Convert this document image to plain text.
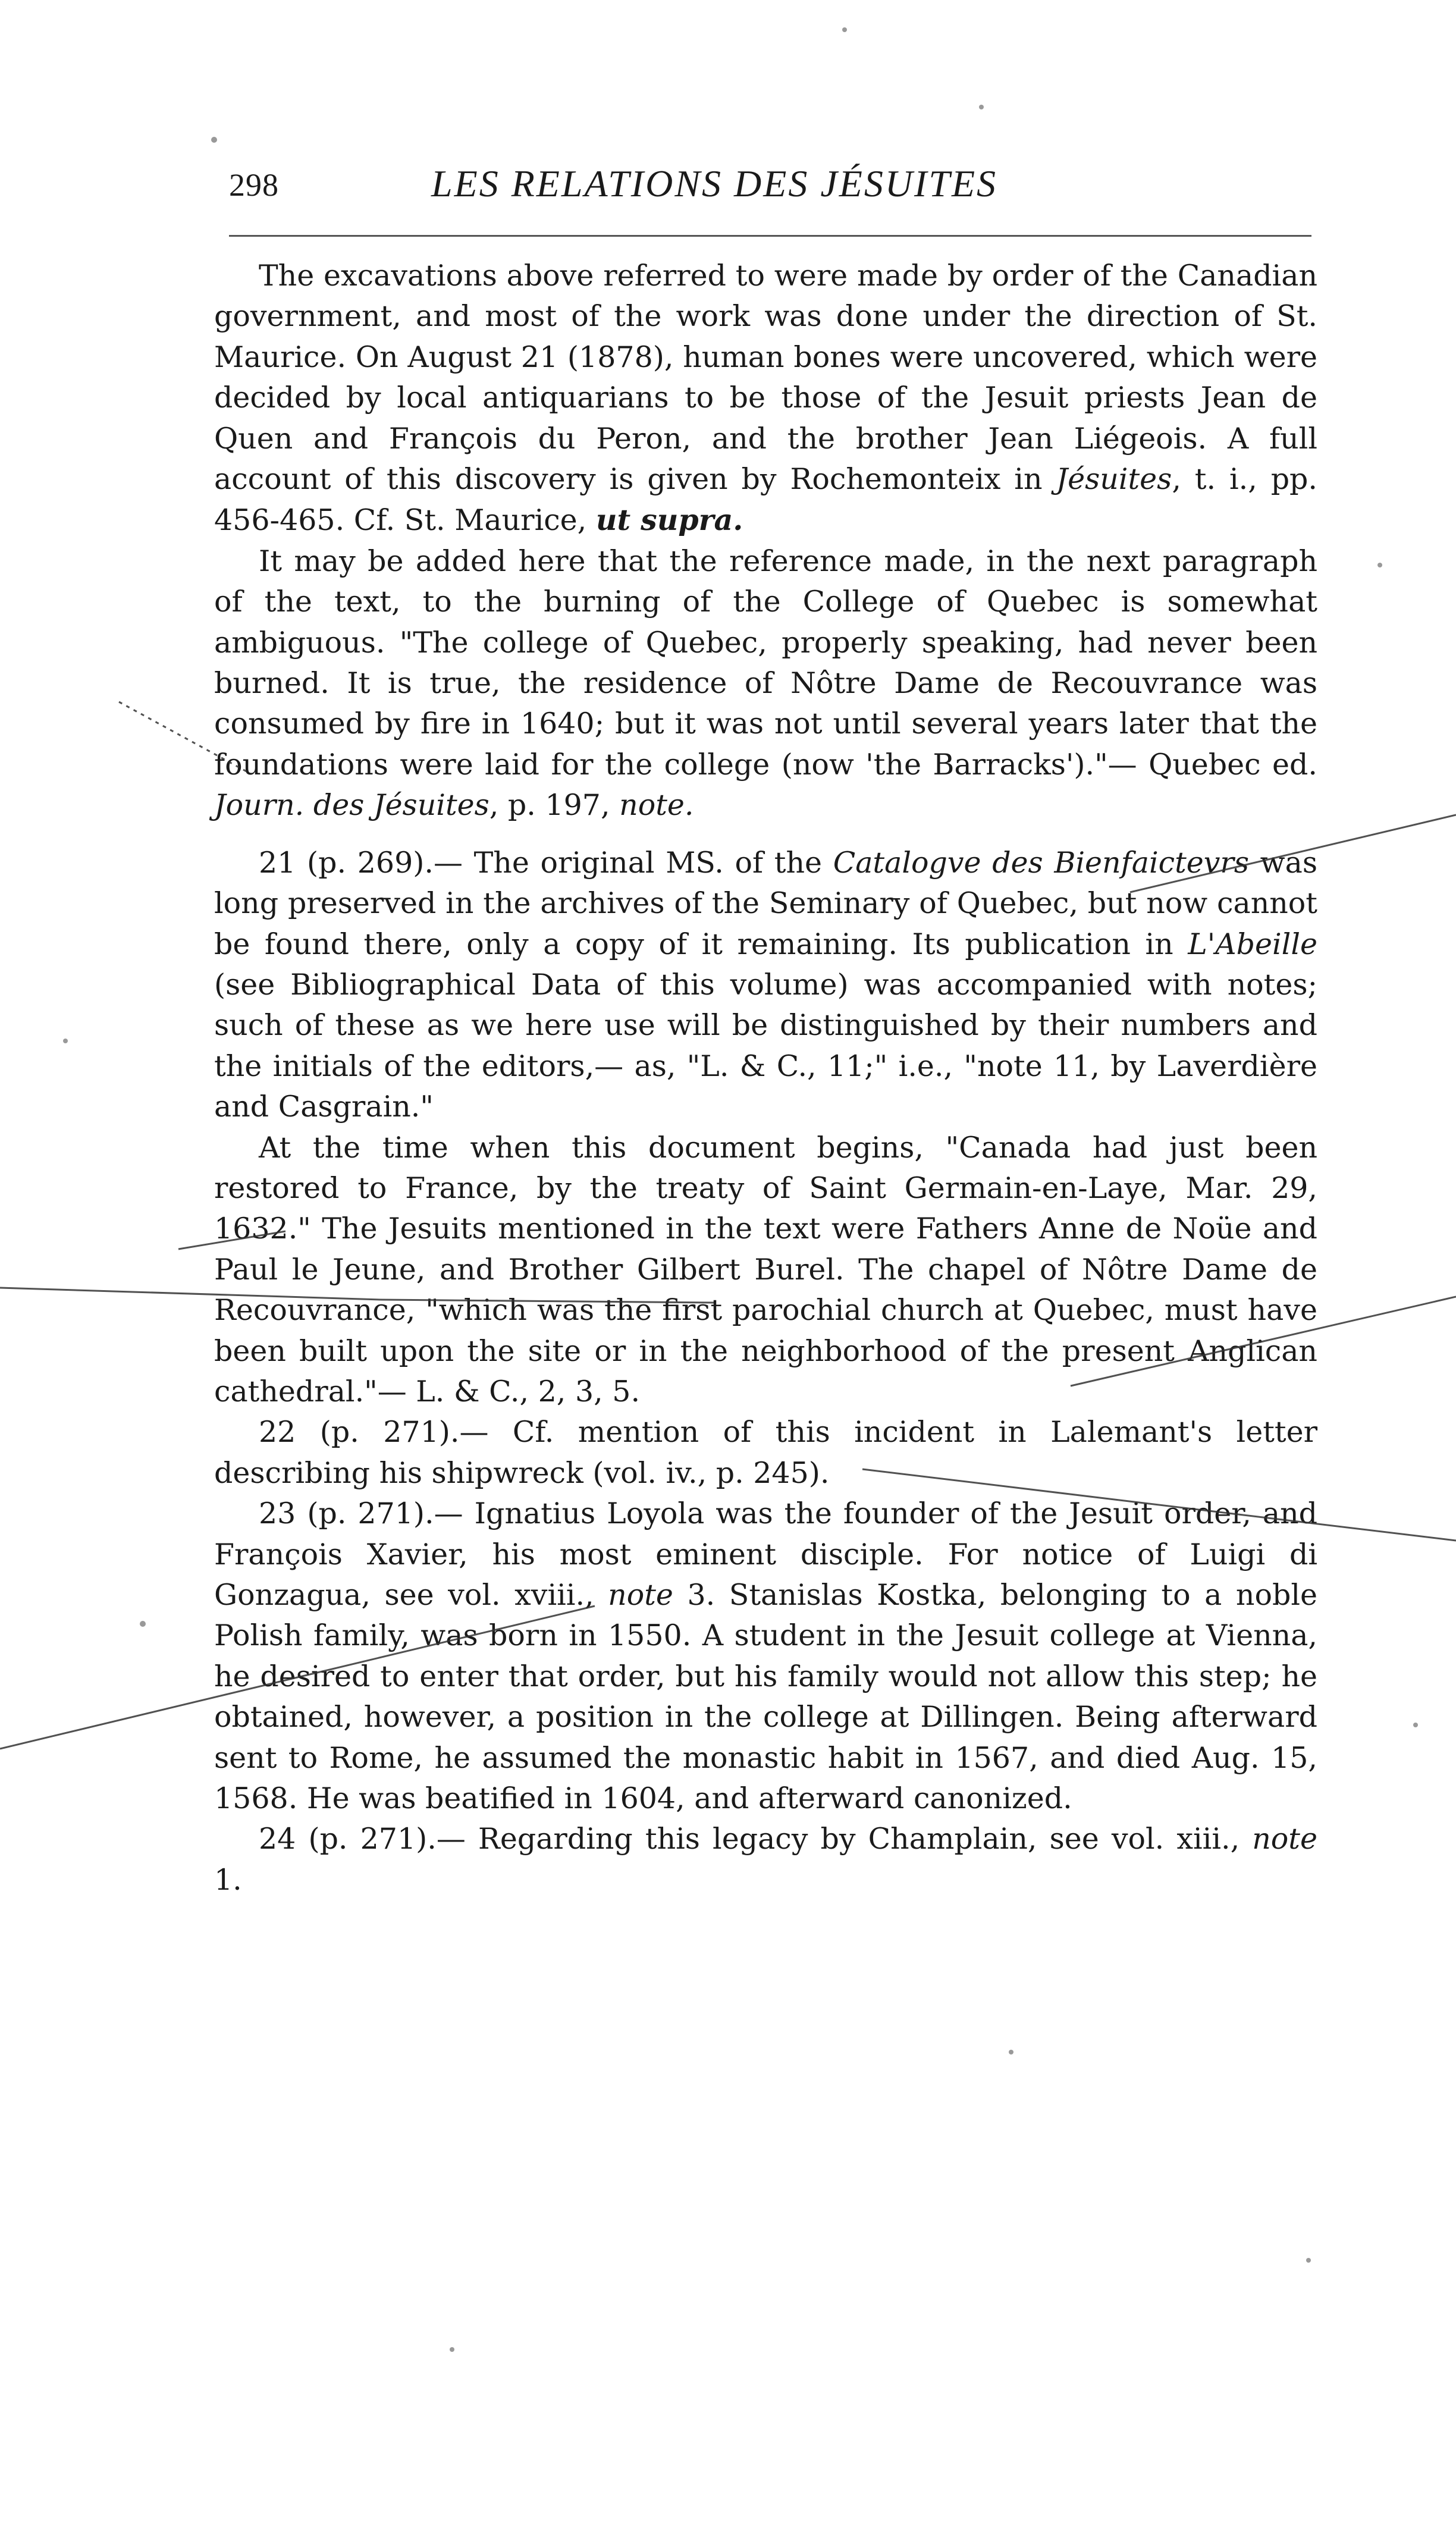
298	LES RELATIONS DES JÉSUITES

The excavations above referred to were made by order of the Canadian government, and most of the work was done under the direction of St. Maurice. On August 21 (1878), human bones were uncovered, which were decided by local antiquarians to be those of the Jesuit priests Jean de Quen and François du Peron, and the brother Jean Liégeois. A full account of this discovery is given by Rochemonteix in Jésuites, t. i., pp. 456-465. Cf. St. Maurice, ut supra.

It may be added here that the reference made, in the next paragraph of the text, to the burning of the College of Quebec is somewhat ambiguous. "The college of Quebec, properly speaking, had never been burned. It is true, the residence of Nôtre Dame de Recouvrance was consumed by fire in 1640; but it was not until several years later that the foundations were laid for the college (now 'the Barracks')."— Quebec ed. Journ. des Jésuites, p. 197, note.

21 (p. 269).— The original MS. of the Catalogve des Bienfaictevrs was long preserved in the archives of the Seminary of Quebec, but now cannot be found there, only a copy of it remaining. Its publication in L'Abeille (see Bibliographical Data of this volume) was accompanied with notes; such of these as we here use will be distinguished by their numbers and the initials of the editors,— as, "L. & C., 11;" i.e., "note 11, by Laverdière and Casgrain."

At the time when this document begins, "Canada had just been restored to France, by the treaty of Saint Germain-en-Laye, Mar. 29, 1632." The Jesuits mentioned in the text were Fathers Anne de Noüe and Paul le Jeune, and Brother Gilbert Burel. The chapel of Nôtre Dame de Recouvrance, "which was the first parochial church at Quebec, must have been built upon the site or in the neighborhood of the present Anglican cathedral."— L. & C., 2, 3, 5.

22 (p. 271).— Cf. mention of this incident in Lalemant's letter describing his shipwreck (vol. iv., p. 245).

23 (p. 271).— Ignatius Loyola was the founder of the Jesuit order, and François Xavier, his most eminent disciple. For notice of Luigi di Gonzagua, see vol. xviii., note 3. Stanislas Kostka, belonging to a noble Polish family, was born in 1550. A student in the Jesuit college at Vienna, he desired to enter that order, but his family would not allow this step; he obtained, however, a position in the college at Dillingen. Being afterward sent to Rome, he assumed the monastic habit in 1567, and died Aug. 15, 1568. He was beatified in 1604, and afterward canonized.

24 (p. 271).— Regarding this legacy by Champlain, see vol. xiii., note 1.
